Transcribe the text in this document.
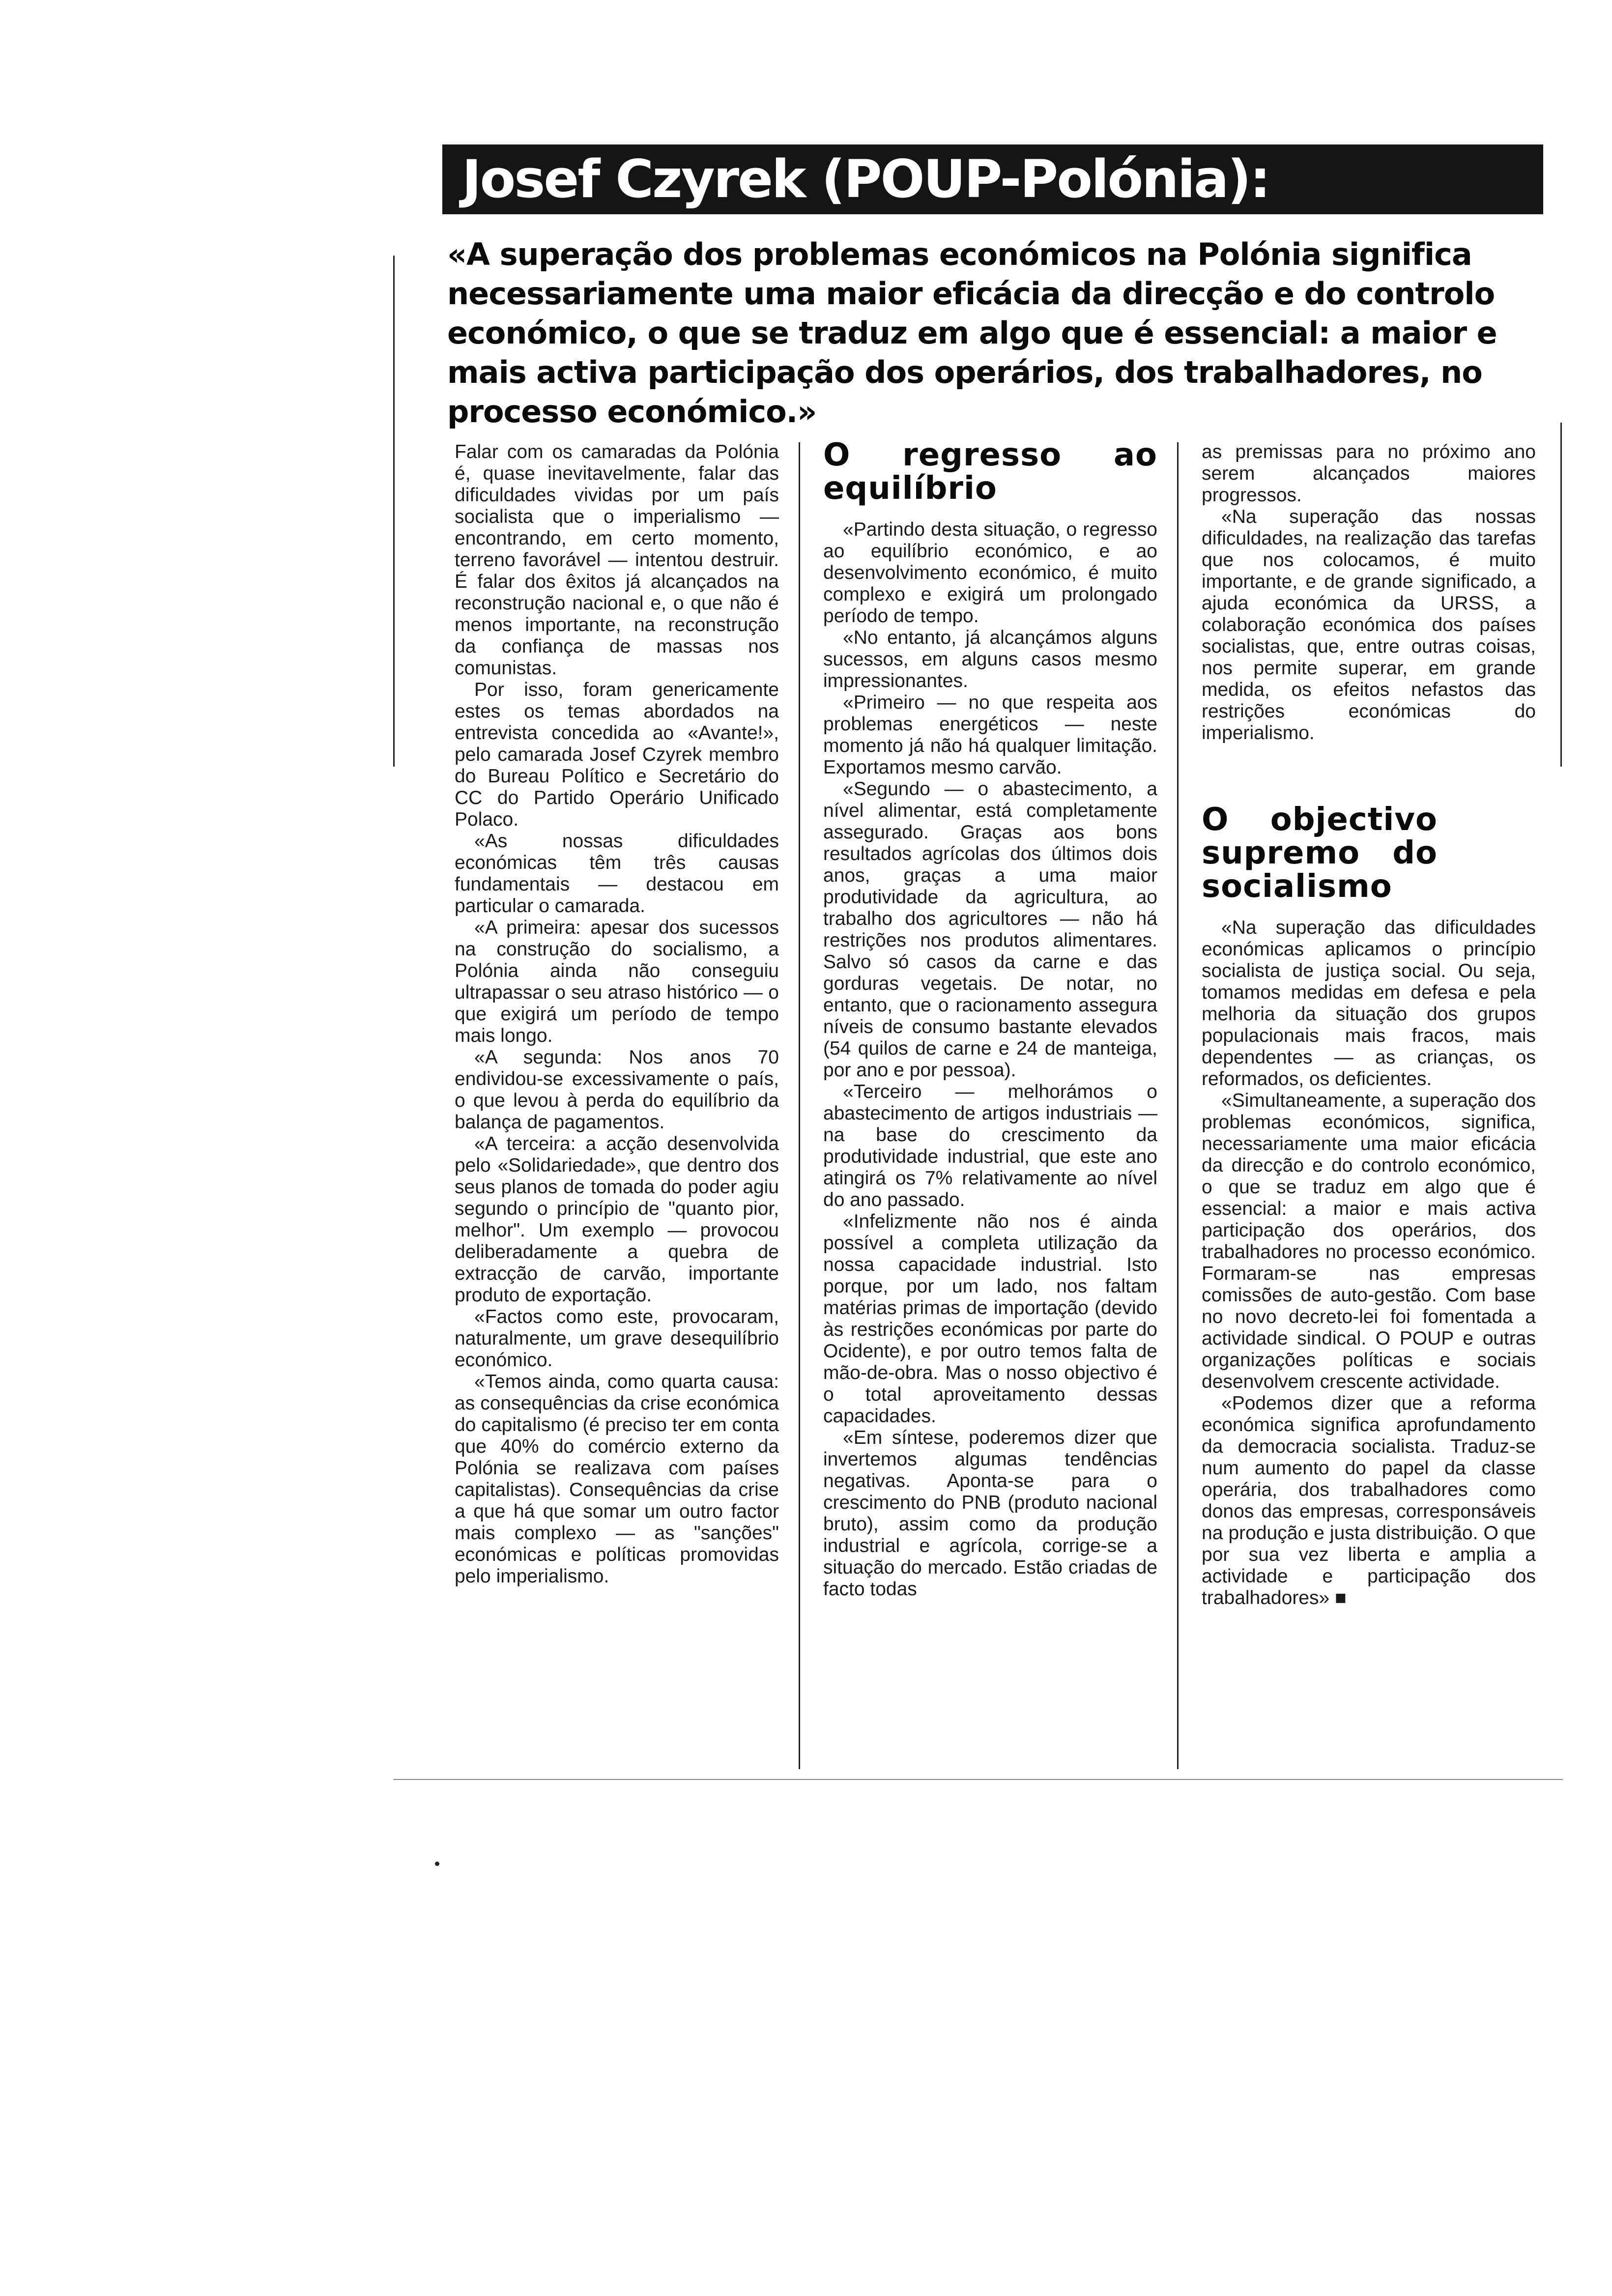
Josef Czyrek (POUP-Polónia):

«A superação dos problemas económicos na Polónia significa necessariamente uma maior eficácia da direcção e do controlo económico, o que se traduz em algo que é essencial: a maior e mais activa participação dos operários, dos trabalhadores, no processo económico.»

Falar com os camaradas da Polónia é, quase inevitavelmente, falar das dificuldades vividas por um país socialista que o imperialismo — encontrando, em certo momento, terreno favorável — intentou destruir. É falar dos êxitos já alcançados na reconstrução nacional e, o que não é menos importante, na reconstrução da confiança de massas nos comunistas.

Por isso, foram genericamente estes os temas abordados na entrevista concedida ao «Avante!», pelo camarada Josef Czyrek membro do Bureau Político e Secretário do CC do Partido Operário Unificado Polaco.

«As nossas dificuldades económicas têm três causas fundamentais — destacou em particular o camarada.

«A primeira: apesar dos sucessos na construção do socialismo, a Polónia ainda não conseguiu ultrapassar o seu atraso histórico — o que exigirá um período de tempo mais longo.

«A segunda: Nos anos 70 endividou-se excessivamente o país, o que levou à perda do equilíbrio da balança de pagamentos.

«A terceira: a acção desenvolvida pelo «Solidariedade», que dentro dos seus planos de tomada do poder agiu segundo o princípio de "quanto pior, melhor". Um exemplo — provocou deliberadamente a quebra de extracção de carvão, importante produto de exportação.

«Factos como este, provocaram, naturalmente, um grave desequilíbrio económico.

«Temos ainda, como quarta causa: as consequências da crise económica do capitalismo (é preciso ter em conta que 40% do comércio externo da Polónia se realizava com países capitalistas). Consequências da crise a que há que somar um outro factor mais complexo — as "sanções" económicas e políticas promovidas pelo imperialismo.

O regresso ao equilíbrio

«Partindo desta situação, o regresso ao equilíbrio económico, e ao desenvolvimento económico, é muito complexo e exigirá um prolongado período de tempo.

«No entanto, já alcançámos alguns sucessos, em alguns casos mesmo impressionantes.

«Primeiro — no que respeita aos problemas energéticos — neste momento já não há qualquer limitação. Exportamos mesmo carvão.

«Segundo — o abastecimento, a nível alimentar, está completamente assegurado. Graças aos bons resultados agrícolas dos últimos dois anos, graças a uma maior produtividade da agricultura, ao trabalho dos agricultores — não há restrições nos produtos alimentares. Salvo só casos da carne e das gorduras vegetais. De notar, no entanto, que o racionamento assegura níveis de consumo bastante elevados (54 quilos de carne e 24 de manteiga, por ano e por pessoa).

«Terceiro — melhorámos o abastecimento de artigos industriais — na base do crescimento da produtividade industrial, que este ano atingirá os 7% relativamente ao nível do ano passado.

«Infelizmente não nos é ainda possível a completa utilização da nossa capacidade industrial. Isto porque, por um lado, nos faltam matérias primas de importação (devido às restrições económicas por parte do Ocidente), e por outro temos falta de mão-de-obra. Mas o nosso objectivo é o total aproveitamento dessas capacidades.

«Em síntese, poderemos dizer que invertemos algumas tendências negativas. Aponta-se para o crescimento do PNB (produto nacional bruto), assim como da produção industrial e agrícola, corrige-se a situação do mercado. Estão criadas de facto todas

as premissas para no próximo ano serem alcançados maiores progressos.

«Na superação das nossas dificuldades, na realização das tarefas que nos colocamos, é muito importante, e de grande significado, a ajuda económica da URSS, a colaboração económica dos países socialistas, que, entre outras coisas, nos permite superar, em grande medida, os efeitos nefastos das restrições económicas do imperialismo.

O objectivo supremo do socialismo

«Na superação das dificuldades económicas aplicamos o princípio socialista de justiça social. Ou seja, tomamos medidas em defesa e pela melhoria da situação dos grupos populacionais mais fracos, mais dependentes — as crianças, os reformados, os deficientes.

«Simultaneamente, a superação dos problemas económicos, significa, necessariamente uma maior eficácia da direcção e do controlo económico, o que se traduz em algo que é essencial: a maior e mais activa participação dos operários, dos trabalhadores no processo económico. Formaram-se nas empresas comissões de auto-gestão. Com base no novo decreto-lei foi fomentada a actividade sindical. O POUP e outras organizações políticas e sociais desenvolvem crescente actividade.

«Podemos dizer que a reforma económica significa aprofundamento da democracia socialista. Traduz-se num aumento do papel da classe operária, dos trabalhadores como donos das empresas, corresponsáveis na produção e justa distribuição. O que por sua vez liberta e amplia a actividade e participação dos trabalhadores» ■
